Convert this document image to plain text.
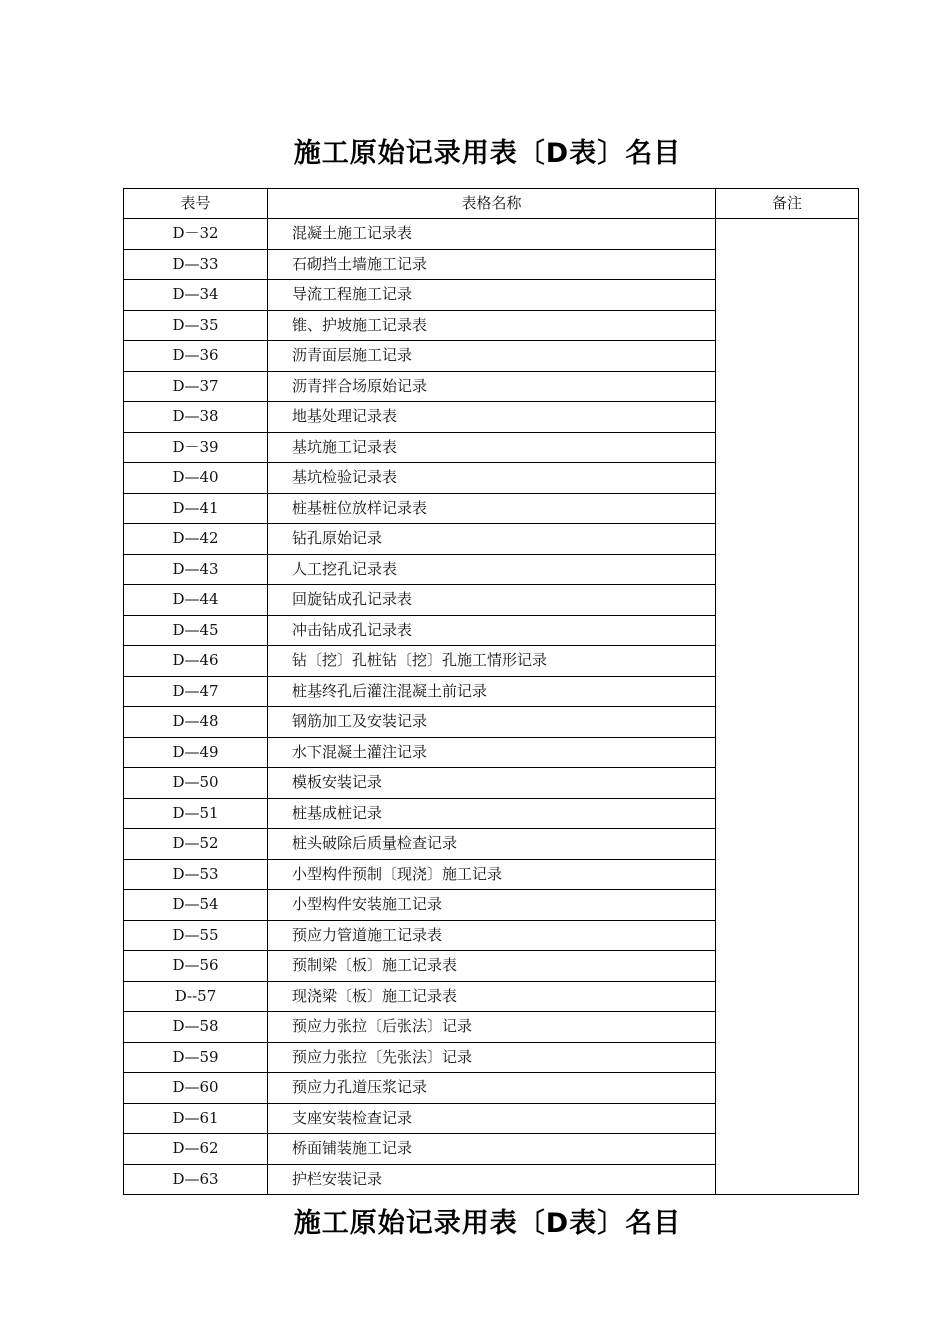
施工原始记录用表〔D表〕名目
表号	表格名称	备注
D－32	混凝土施工记录表	
D—33	石砌挡土墙施工记录	
D—34	导流工程施工记录	
D—35	锥、护坡施工记录表	
D—36	沥青面层施工记录	
D—37	沥青拌合场原始记录	
D—38	地基处理记录表	
D－39	基坑施工记录表	
D—40	基坑检验记录表	
D—41	桩基桩位放样记录表	
D—42	钻孔原始记录	
D—43	人工挖孔记录表	
D—44	回旋钻成孔记录表	
D—45	冲击钻成孔记录表	
D—46	钻〔挖〕孔桩钻〔挖〕孔施工情形记录	
D—47	桩基终孔后灌注混凝土前记录	
D—48	钢筋加工及安装记录	
D—49	水下混凝土灌注记录	
D—50	模板安装记录	
D—51	桩基成桩记录	
D—52	桩头破除后质量检查记录	
D—53	小型构件预制〔现浇〕施工记录	
D—54	小型构件安装施工记录	
D—55	预应力管道施工记录表	
D—56	预制梁〔板〕施工记录表	
D--57	现浇梁〔板〕施工记录表	
D—58	预应力张拉〔后张法〕记录	
D—59	预应力张拉〔先张法〕记录	
D—60	预应力孔道压浆记录	
D—61	支座安装检查记录	
D—62	桥面铺装施工记录	
D—63	护栏安装记录	
施工原始记录用表〔D表〕名目
